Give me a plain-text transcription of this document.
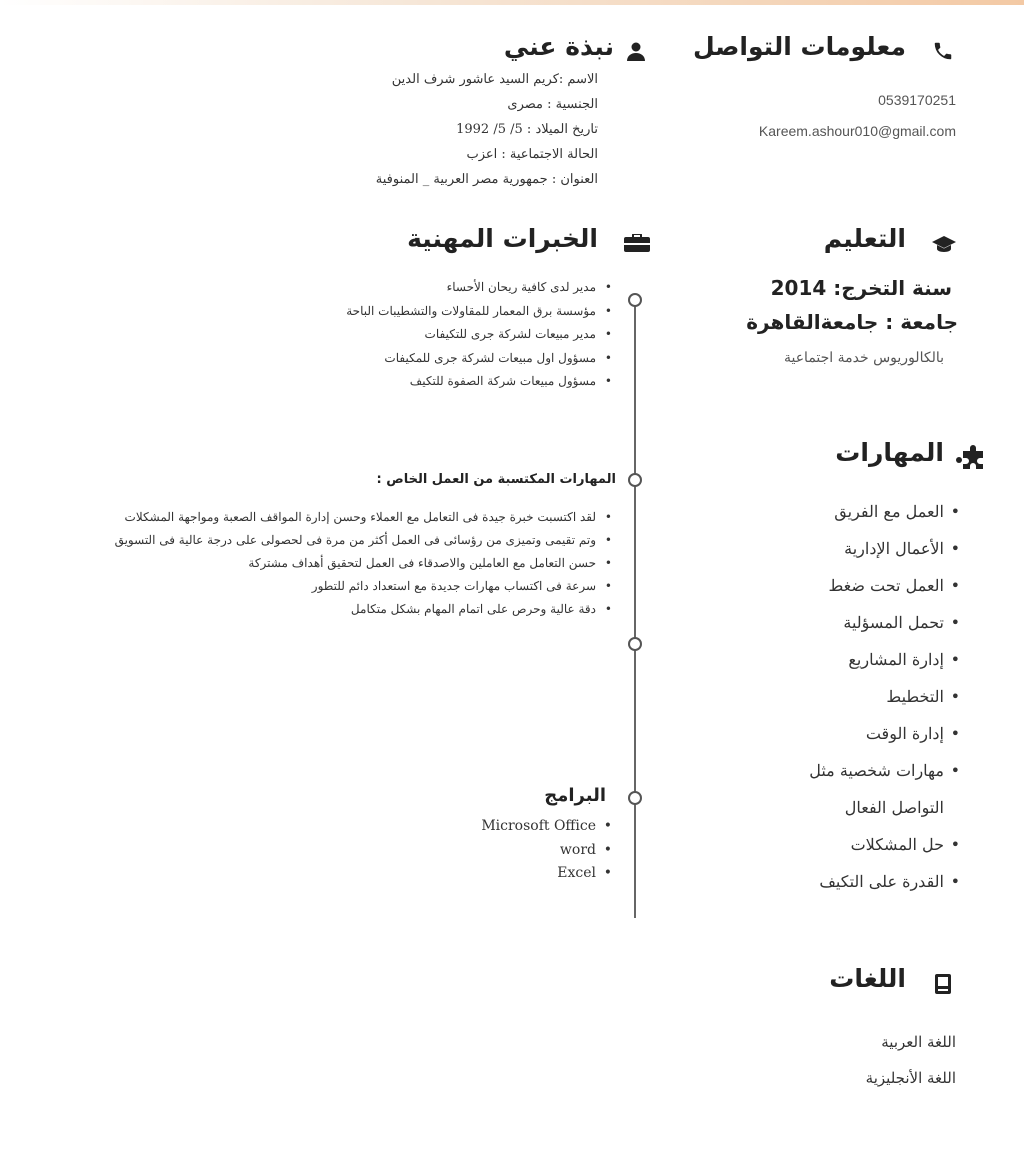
معلومات التواصل
0539170251
Kareem.ashour010@gmail.com
نبذة عني
الاسم :كريم السيد عاشور شرف الدين
الجنسية : مصرى
تاريخ الميلاد : 5/ 5/ 1992
الحالة الاجتماعية : اعزب
العنوان : جمهورية مصر العربية _ المنوفية
التعليم
سنة التخرج: 2014
جامعة : جامعةالقاهرة
بالكالوريوس خدمة اجتماعية
الخبرات المهنية
• مدير لدى كافية ريحان الأحساء
• مؤسسة برق المعمار للمقاولات والتشطيبات الباحة
• مدير مبيعات لشركة جرى للتكيفات
• مسؤول اول مبيعات لشركة جرى للمكيفات
• مسؤول مبيعات شركة الصفوة للتكيف
المهارات المكتسبة من العمل الخاص :
• لقد اكتسبت خبرة جيدة فى التعامل مع العملاء وحسن إدارة المواقف الصعبة ومواجهة المشكلات
• وتم تقيمى وتميزى من رؤسائى فى العمل أكثر من مرة فى لحصولى على درجة عالية فى التسويق
• حسن التعامل مع العاملين والاصدقاء فى العمل لتحقيق أهداف مشتركة
• سرعة فى اكتساب مهارات جديدة مع استعداد دائم للتطور
• دقة عالية وحرص على اتمام المهام بشكل متكامل
البرامج
• Microsoft Office
• word
• Excel
المهارات
• العمل مع الفريق
• الأعمال الإدارية
• العمل تحت ضغط
• تحمل المسؤلية
• إدارة المشاريع
• التخطيط
• إدارة الوقت
• مهارات شخصية مثل التواصل الفعال
• حل المشكلات
• القدرة على التكيف
اللغات
اللغة العربية
اللغة الأنجليزية
